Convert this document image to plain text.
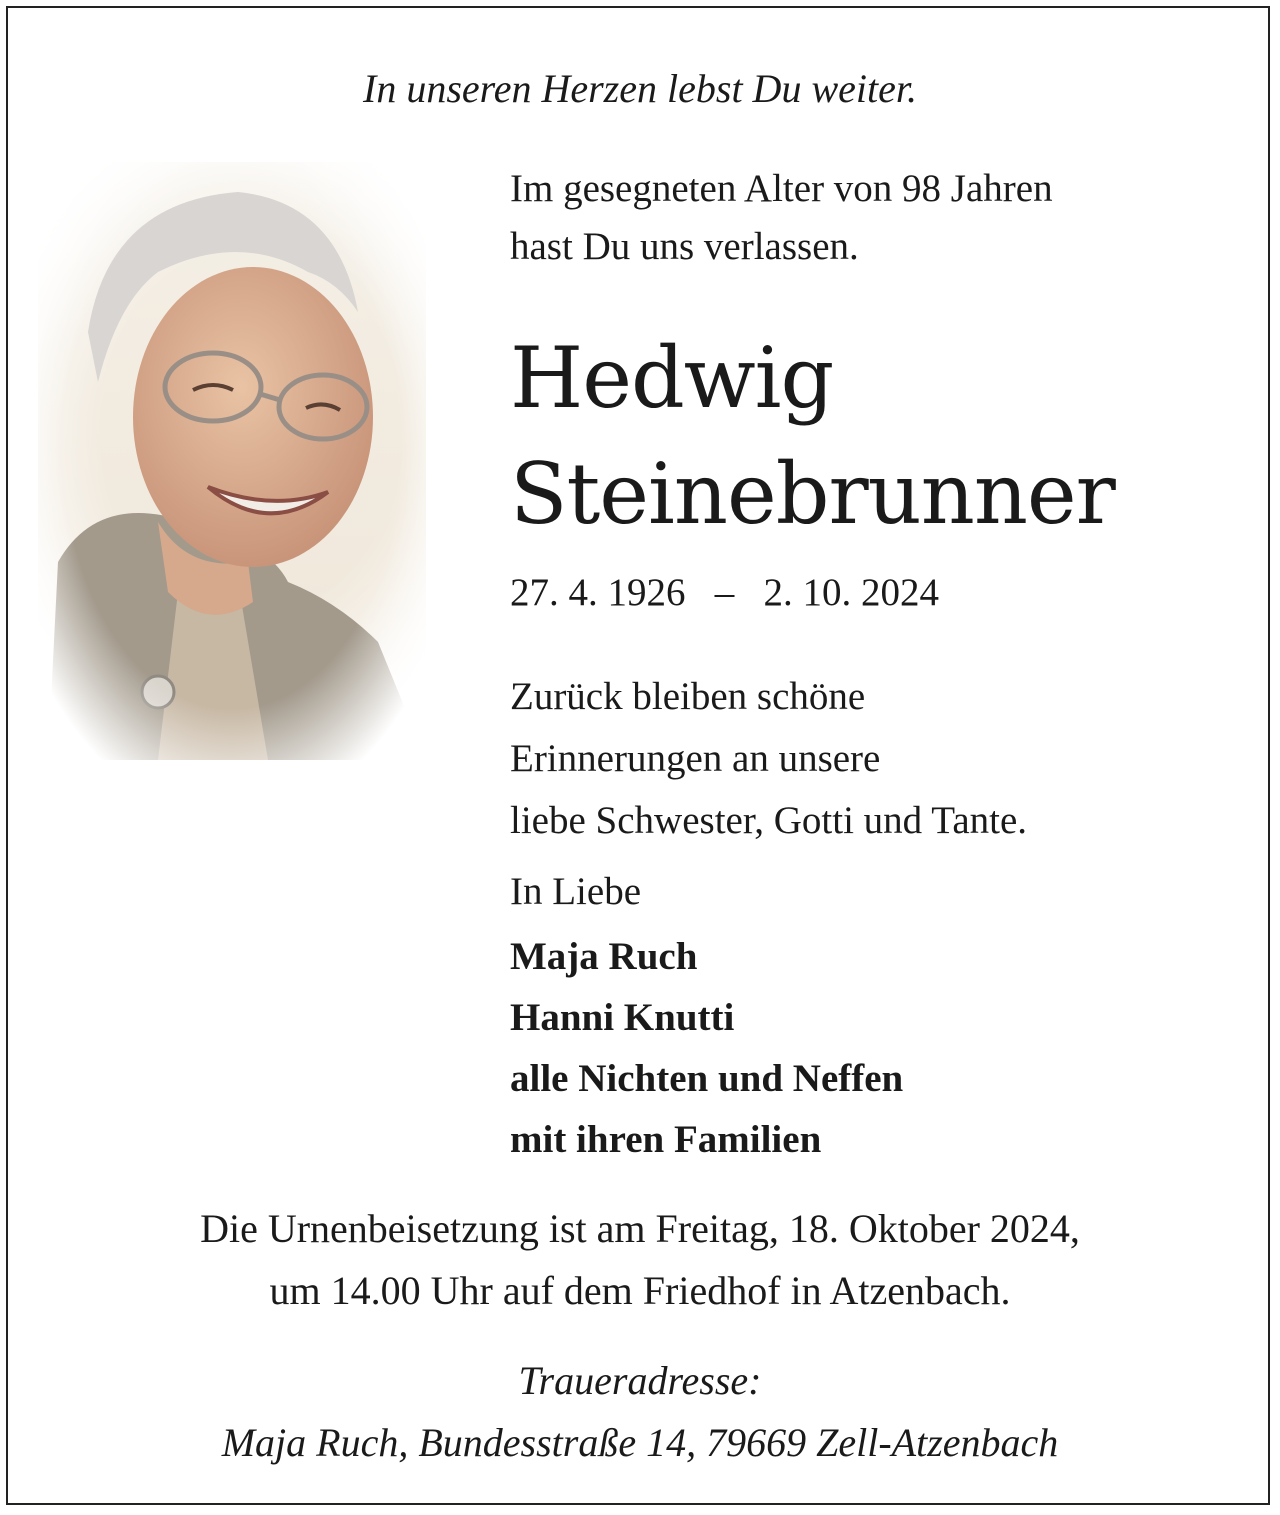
In unseren Herzen lebst Du weiter.
Im gesegneten Alter von 98 Jahren
hast Du uns verlassen.
Hedwig
Steinebrunner
27. 4. 1926 – 2. 10. 2024
Zurück bleiben schöne
Erinnerungen an unsere
liebe Schwester, Gotti und Tante.
In Liebe
Maja Ruch
Hanni Knutti
alle Nichten und Neffen
mit ihren Familien
Die Urnenbeisetzung ist am Freitag, 18. Oktober 2024,
um 14.00 Uhr auf dem Friedhof in Atzenbach.
Traueradresse:
Maja Ruch, Bundesstraße 14, 79669 Zell-Atzenbach
